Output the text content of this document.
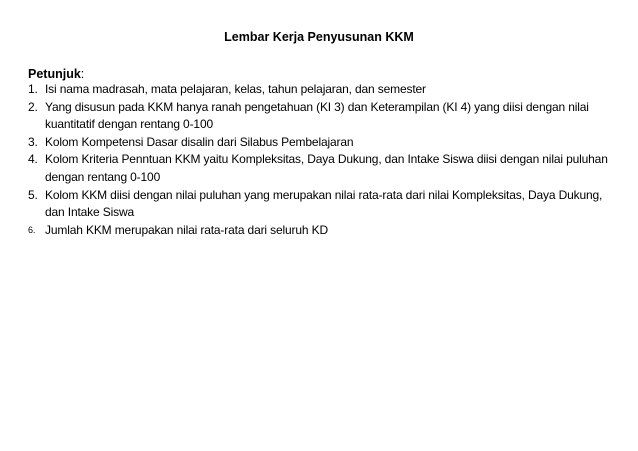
Lembar Kerja Penyusunan KKM
Petunjuk:
1. Isi nama madrasah, mata pelajaran, kelas, tahun pelajaran, dan semester
2. Yang disusun pada KKM hanya ranah pengetahuan (KI 3) dan Keterampilan (KI 4) yang diisi dengan nilai kuantitatif dengan rentang 0-100
3. Kolom Kompetensi Dasar disalin dari Silabus Pembelajaran
4. Kolom Kriteria Penntuan KKM yaitu Kompleksitas, Daya Dukung, dan Intake Siswa diisi dengan nilai puluhan dengan rentang 0-100
5. Kolom KKM diisi dengan nilai puluhan yang merupakan nilai rata-rata dari nilai Kompleksitas, Daya Dukung, dan Intake Siswa
6. Jumlah KKM merupakan nilai rata-rata dari seluruh KD
